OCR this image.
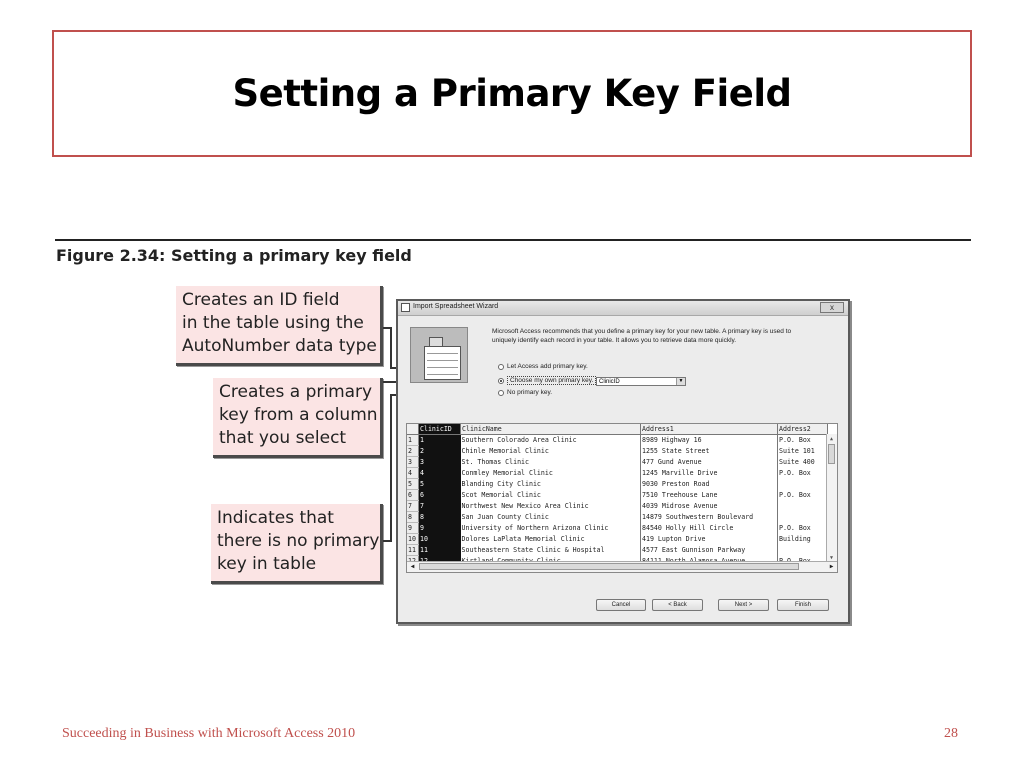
Setting a Primary Key Field
Figure 2.34: Setting a primary key field
Creates an ID field
in the table using the
AutoNumber data type
Creates a primary
key from a column
that you select
Indicates that
there is no primary
key in table
Import Spreadsheet Wizard	x
Microsoft Access recommends that you define a primary key for your new table. A primary key is used to
uniquely identify each record in your table. It allows you to retrieve data more quickly.
Let Access add primary key.
Choose my own primary key. ClinicID	▼
No primary key.
	ClinicID	ClinicName	Address1	Address2
1	1	Southern Colorado Area Clinic	8989 Highway 16	P.O. Box
2	2	Chinle Memorial Clinic	1255 State Street	Suite 101
3	3	St. Thomas Clinic	477 Gund Avenue	Suite 400
4	4	Conmley Memorial Clinic	1245 Marville Drive	P.O. Box
5	5	Blanding City Clinic	9030 Preston Road	
6	6	Scot Memorial Clinic	7510 Treehouse Lane	P.O. Box
7	7	Northwest New Mexico Area Clinic	4039 Midrose Avenue	
8	8	San Juan County Clinic	14879 Southwestern Boulevard	
9	9	University of Northern Arizona Clinic	84540 Holly Hill Circle	P.O. Box
10	10	Dolores LaPlata Memorial Clinic	419 Lupton Drive	Building
11	11	Southeastern State Clinic & Hospital	4577 East Gunnison Parkway	

▲
▼
◀	▶
Cancel	< Back	Next >	Finish
Succeeding in Business with Microsoft Access 2010	28
